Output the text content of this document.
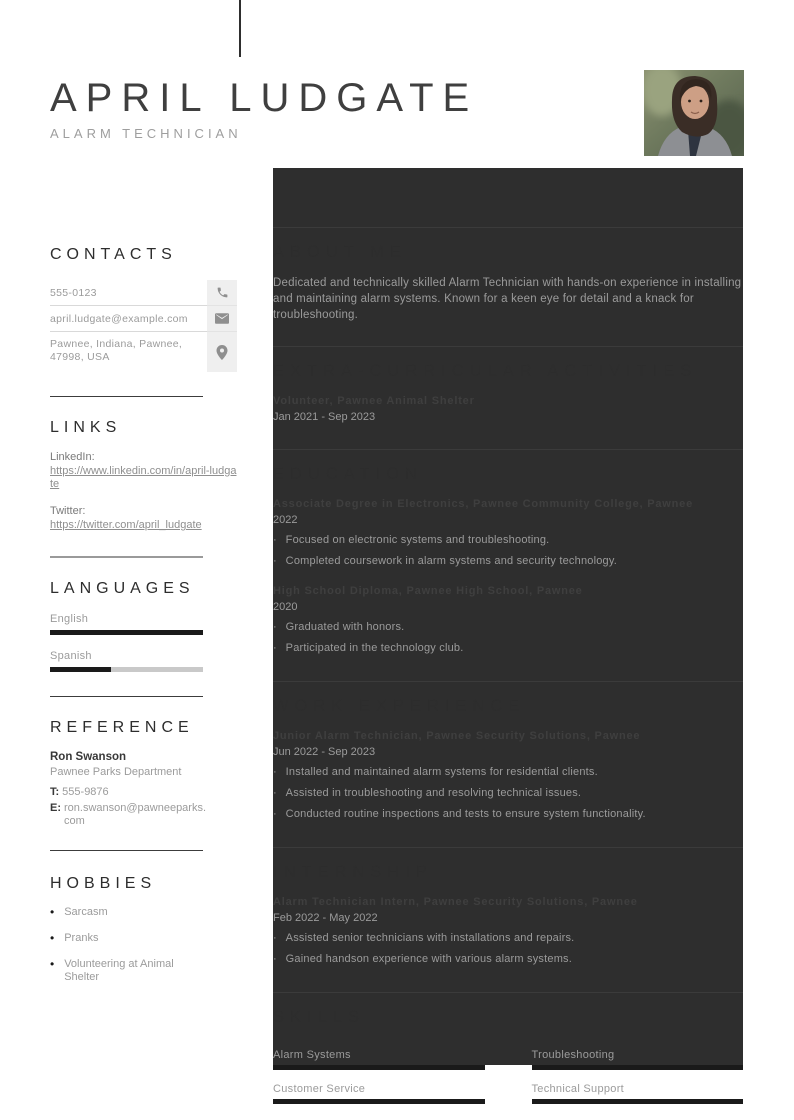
APRIL LUDGATE
ALARM TECHNICIAN
CONTACTS
555-0123
april.ludgate@example.com
Pawnee, Indiana, Pawnee, 47998, USA
LINKS
LinkedIn:
https://www.linkedin.com/in/april-ludgate
Twitter:
https://twitter.com/april_ludgate
LANGUAGES
English
Spanish
REFERENCE
Ron Swanson
Pawnee Parks Department
T: 555-9876
E: ron.swanson@pawneeparks.com
HOBBIES
• Sarcasm
• Pranks
• Volunteering at Animal Shelter
ABOUT ME
Dedicated and technically skilled Alarm Technician with hands-on experience in installing and maintaining alarm systems. Known for a keen eye for detail and a knack for troubleshooting.
EXTRA-CURRICULAR ACTIVITIES
Volunteer, Pawnee Animal Shelter
Jan 2021 - Sep 2023
EDUCATION
Associate Degree in Electronics, Pawnee Community College, Pawnee
2022
· Focused on electronic systems and troubleshooting.
· Completed coursework in alarm systems and security technology.
High School Diploma, Pawnee High School, Pawnee
2020
· Graduated with honors.
· Participated in the technology club.
WORK EXPERIENCE
Junior Alarm Technician, Pawnee Security Solutions, Pawnee
Jun 2022 - Sep 2023
· Installed and maintained alarm systems for residential clients.
· Assisted in troubleshooting and resolving technical issues.
· Conducted routine inspections and tests to ensure system functionality.
INTERNSHIP
Alarm Technician Intern, Pawnee Security Solutions, Pawnee
Feb 2022 - May 2022
· Assisted senior technicians with installations and repairs.
· Gained handson experience with various alarm systems.
SKILLS
Alarm Systems	Troubleshooting
Customer Service	Technical Support
